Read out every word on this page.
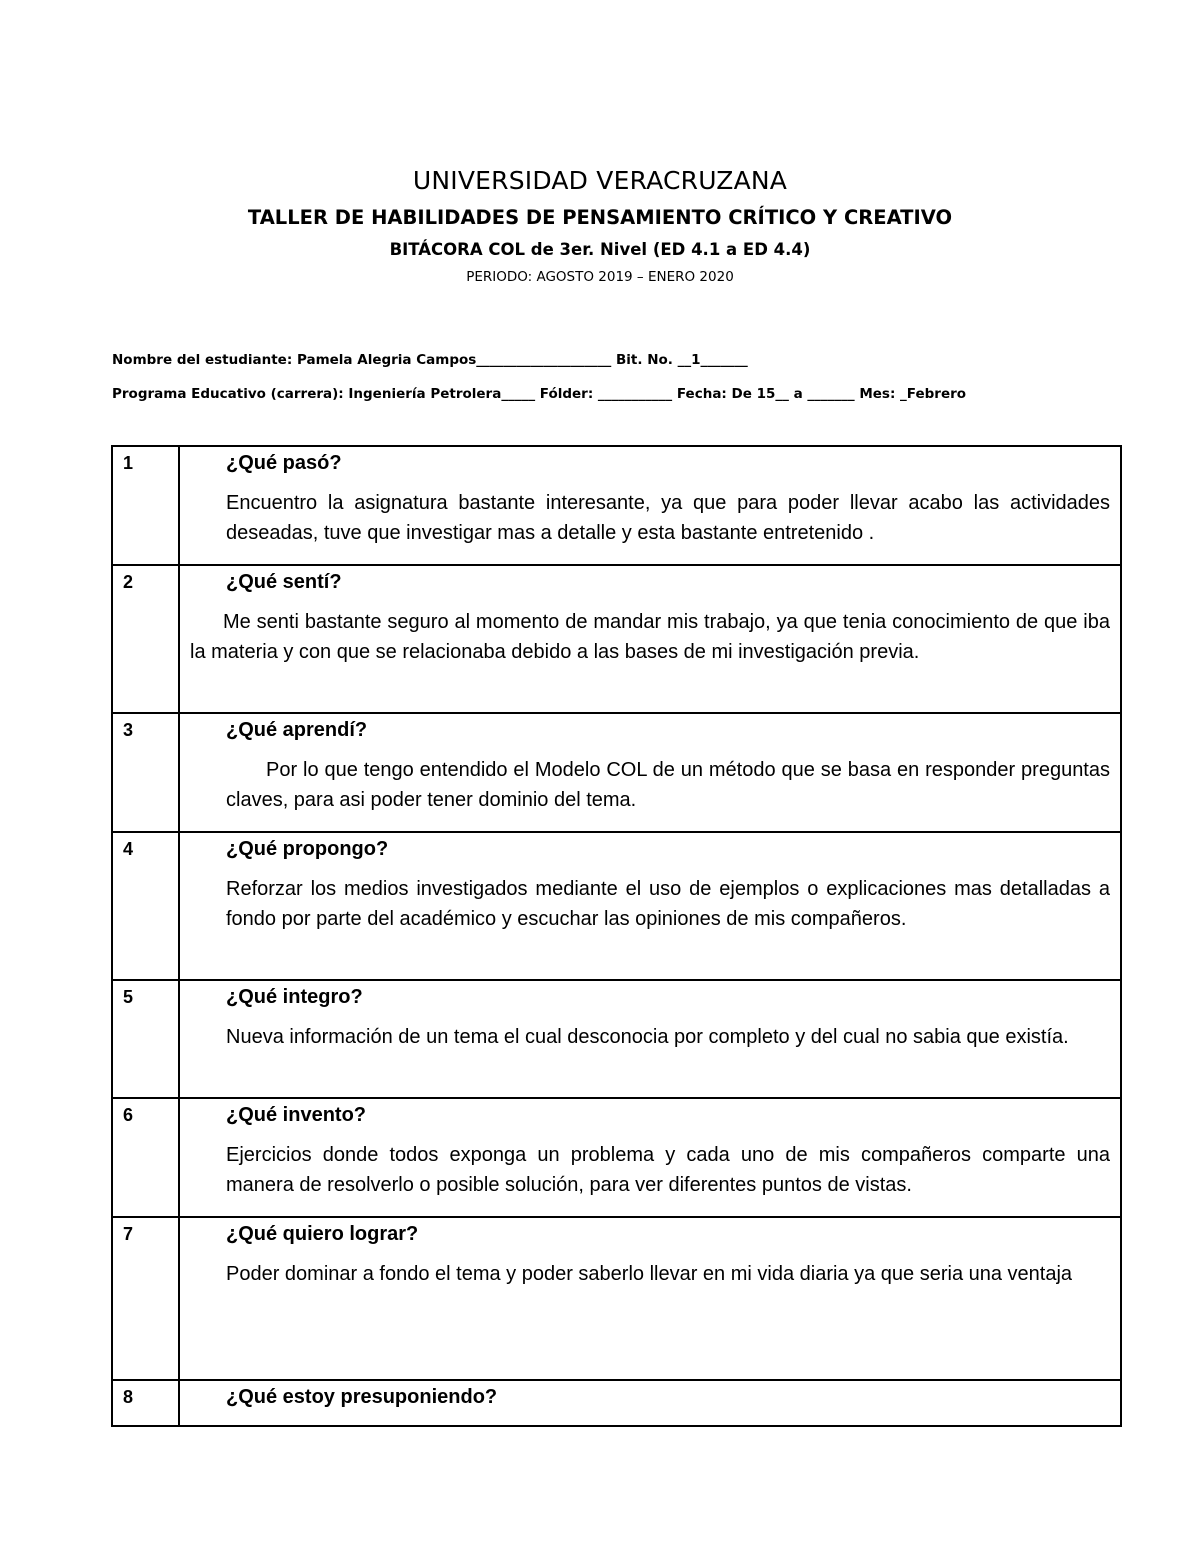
UNIVERSIDAD VERACRUZANA
TALLER DE HABILIDADES DE PENSAMIENTO CRÍTICO Y CREATIVO
BITÁCORA COL de 3er. Nivel (ED 4.1 a ED 4.4)
PERIODO: AGOSTO 2019 – ENERO 2020
Nombre del estudiante: Pamela Alegria Campos____________________ Bit. No. __1_______
Programa Educativo (carrera): Ingeniería Petrolera_____ Fólder: ___________ Fecha: De 15__ a _______ Mes: _Febrero
1	¿Qué pasó?
Encuentro la asignatura bastante interesante, ya que para poder llevar acabo las actividades deseadas, tuve que investigar mas a detalle y esta bastante entretenido .

2	¿Qué sentí?
Me senti bastante seguro al momento de mandar mis trabajo, ya que tenia conocimiento de que iba la materia y con que se relacionaba debido a las bases de mi investigación previa.

3	¿Qué aprendí?
Por lo que tengo entendido el Modelo COL de un método que se basa en responder preguntas claves, para asi poder tener dominio del tema.

4	¿Qué propongo?
Reforzar los medios investigados mediante el uso de ejemplos o explicaciones mas detalladas a fondo por parte del académico y escuchar las opiniones de mis compañeros.

5	¿Qué integro?
Nueva información de un tema el cual desconocia por completo y del cual no sabia que existía.

6	¿Qué invento?
Ejercicios donde todos exponga un problema y cada uno de mis compañeros comparte una manera de resolverlo o posible solución, para ver diferentes puntos de vistas.

7	¿Qué quiero lograr?
Poder dominar a fondo el tema y poder saberlo llevar en mi vida diaria ya que seria una ventaja

8	¿Qué estoy presuponiendo?
